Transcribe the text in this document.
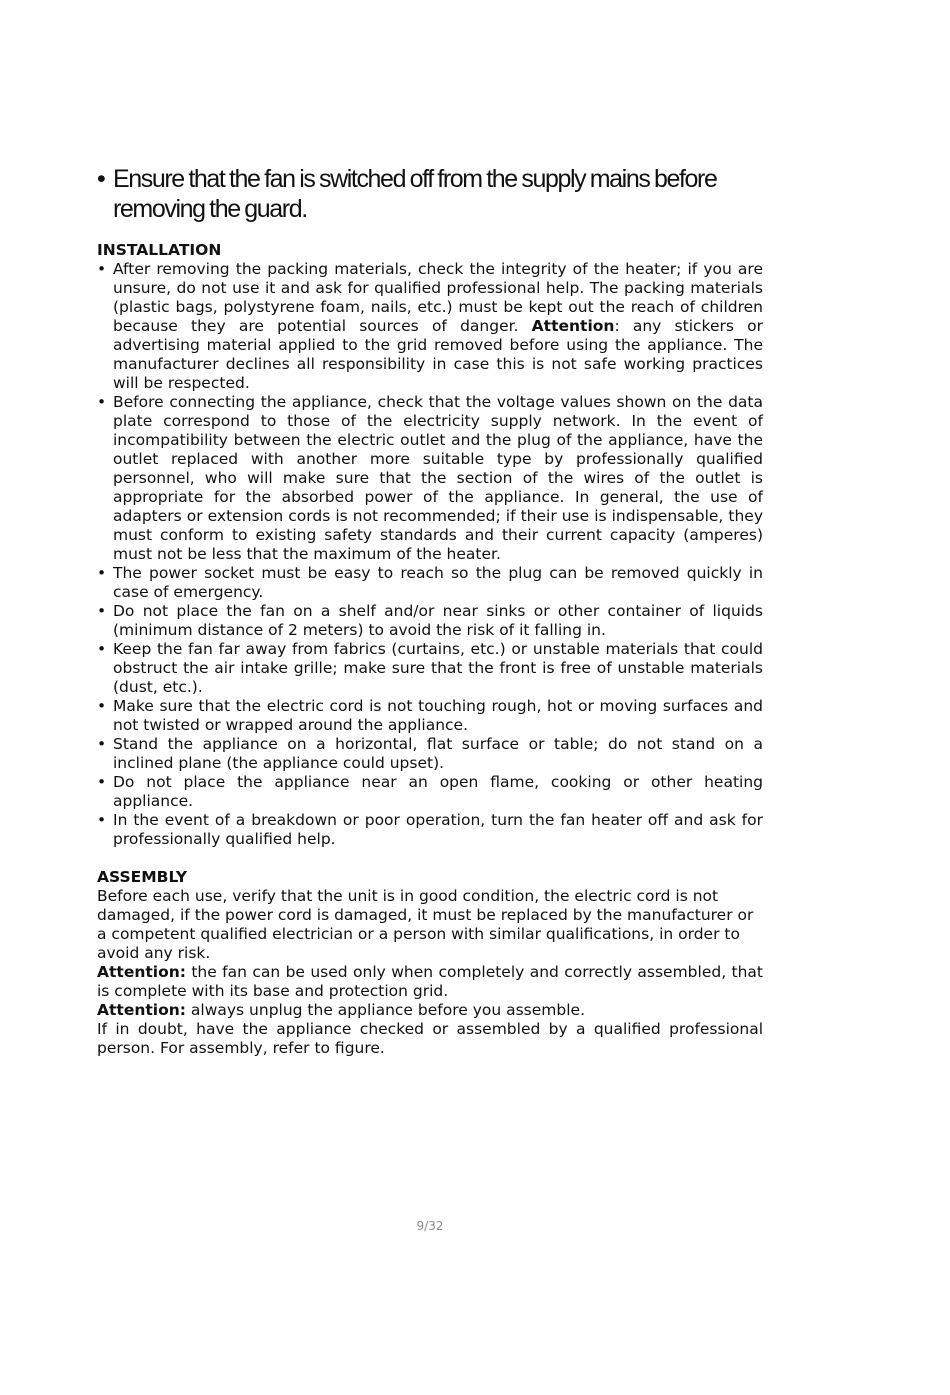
• Ensure that the fan is switched off from the supply mains before removing the guard.
INSTALLATION
• After removing the packing materials, check the integrity of the heater; if you are unsure, do not use it and ask for qualified professional help. The packing materials (plastic bags, polystyrene foam, nails, etc.) must be kept out the reach of children because they are potential sources of danger. Attention: any stickers or advertising material applied to the grid removed before using the appliance. The manufacturer declines all responsibility in case this is not safe working practices will be respected.
• Before connecting the appliance, check that the voltage values shown on the data plate correspond to those of the electricity supply network. In the event of incompatibility between the electric outlet and the plug of the appliance, have the outlet replaced with another more suitable type by professionally qualified personnel, who will make sure that the section of the wires of the outlet is appropriate for the absorbed power of the appliance. In general, the use of adapters or extension cords is not recommended; if their use is indispensable, they must conform to existing safety standards and their current capacity (amperes) must not be less that the maximum of the heater.
• The power socket must be easy to reach so the plug can be removed quickly in case of emergency.
• Do not place the fan on a shelf and/or near sinks or other container of liquids (minimum distance of 2 meters) to avoid the risk of it falling in.
• Keep the fan far away from fabrics (curtains, etc.) or unstable materials that could obstruct the air intake grille; make sure that the front is free of unstable materials (dust, etc.).
• Make sure that the electric cord is not touching rough, hot or moving surfaces and not twisted or wrapped around the appliance.
• Stand the appliance on a horizontal, flat surface or table; do not stand on a inclined plane (the appliance could upset).
• Do not place the appliance near an open flame, cooking or other heating appliance.
• In the event of a breakdown or poor operation, turn the fan heater off and ask for professionally qualified help.
ASSEMBLY

Before each use, verify that the unit is in good condition, the electric cord is not damaged, if the power cord is damaged, it must be replaced by the manufacturer or a competent qualified electrician or a person with similar qualifications, in order to avoid any risk.

Attention: the fan can be used only when completely and correctly assembled, that is complete with its base and protection grid.

Attention: always unplug the appliance before you assemble.

If in doubt, have the appliance checked or assembled by a qualified professional person. For assembly, refer to figure.

9/32
